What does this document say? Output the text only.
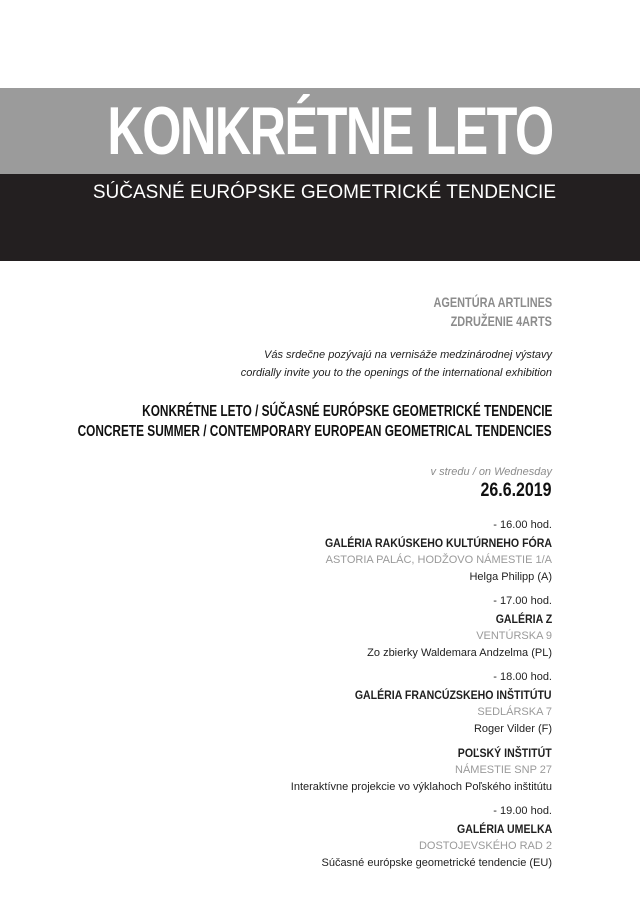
KONKRÉTNE LETO
SÚČASNÉ EURÓPSKE GEOMETRICKÉ TENDENCIE
AGENTÚRA ARTLINES
ZDRUŽENIE 4ARTS
Vás srdečne pozývajú na vernisáže medzinárodnej výstavy
cordially invite you to the openings of the international exhibition
KONKRÉTNE LETO / SÚČASNÉ EURÓPSKE GEOMETRICKÉ TENDENCIE
CONCRETE SUMMER / CONTEMPORARY EUROPEAN GEOMETRICAL TENDENCIES
v stredu / on Wednesday
26.6.2019
- 16.00 hod.
GALÉRIA RAKÚSKEHO KULTÚRNEHO FÓRA
ASTORIA PALÁC, HODŽOVO NÁMESTIE 1/A
Helga Philipp (A)
- 17.00 hod.
GALÉRIA Z
VENTÚRSKA 9
Zo zbierky Waldemara Andzelma (PL)
- 18.00 hod.
GALÉRIA FRANCÚZSKEHO INŠTITÚTU
SEDLÁRSKA 7
Roger Vilder (F)
POĽSKÝ INŠTITÚT
NÁMESTIE SNP 27
Interaktívne projekcie vo výklahoch Poľského inštitútu
- 19.00 hod.
GALÉRIA UMELKA
DOSTOJEVSKÉHO RAD 2
Súčasné európske geometrické tendencie (EU)
